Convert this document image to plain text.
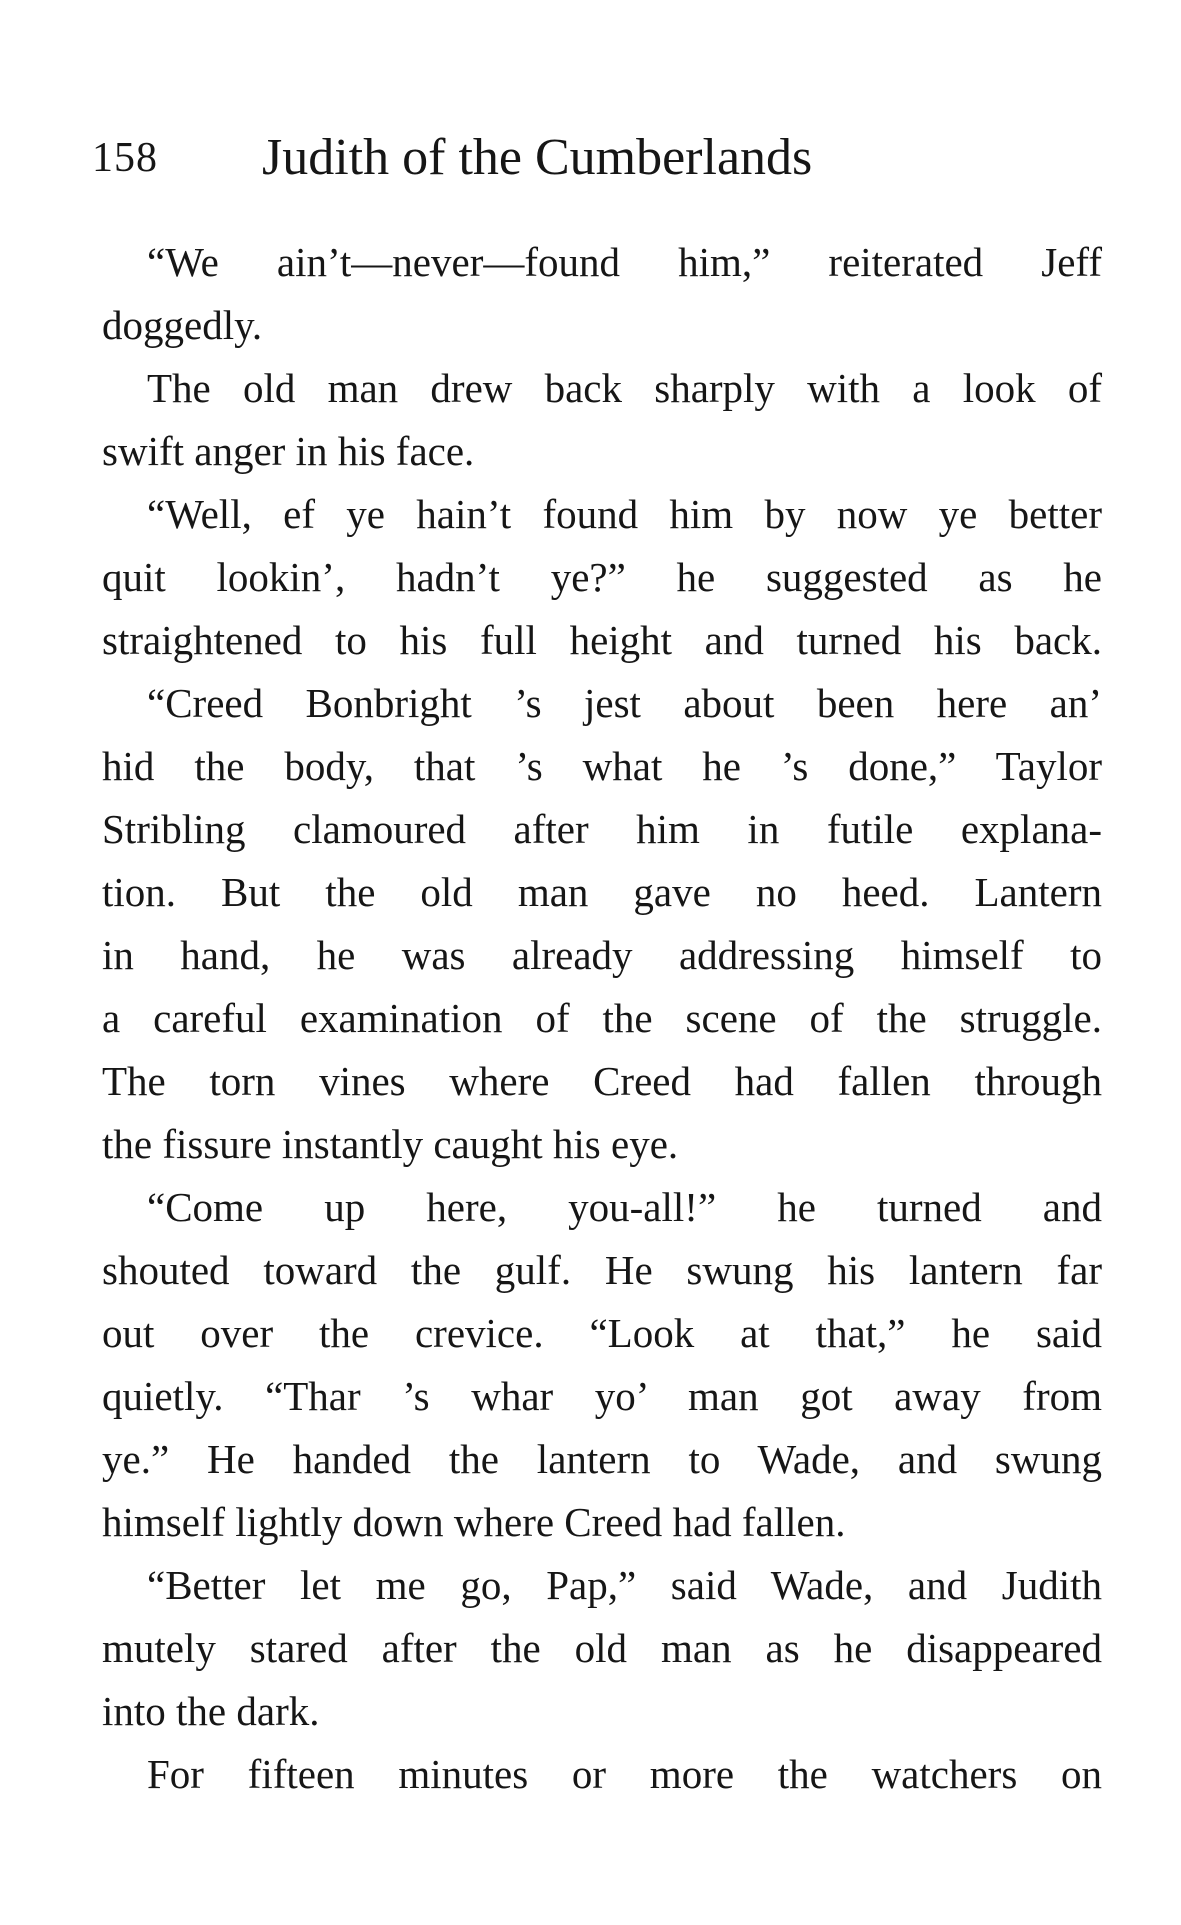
158 Judith of the Cumberlands
“We ain’t—never—found him,” reiterated Jeff
doggedly.
The old man drew back sharply with a look of
swift anger in his face.
“Well, ef ye hain’t found him by now ye better
quit lookin’, hadn’t ye?” he suggested as he
straightened to his full height and turned his back.
“Creed Bonbright ’s jest about been here an’
hid the body, that ’s what he ’s done,” Taylor
Stribling clamoured after him in futile explana-
tion. But the old man gave no heed. Lantern
in hand, he was already addressing himself to
a careful examination of the scene of the struggle.
The torn vines where Creed had fallen through
the fissure instantly caught his eye.
“Come up here, you-all!” he turned and
shouted toward the gulf. He swung his lantern far
out over the crevice. “Look at that,” he said
quietly. “Thar ’s whar yo’ man got away from
ye.” He handed the lantern to Wade, and swung
himself lightly down where Creed had fallen.
“Better let me go, Pap,” said Wade, and Judith
mutely stared after the old man as he disappeared
into the dark.
For fifteen minutes or more the watchers on
